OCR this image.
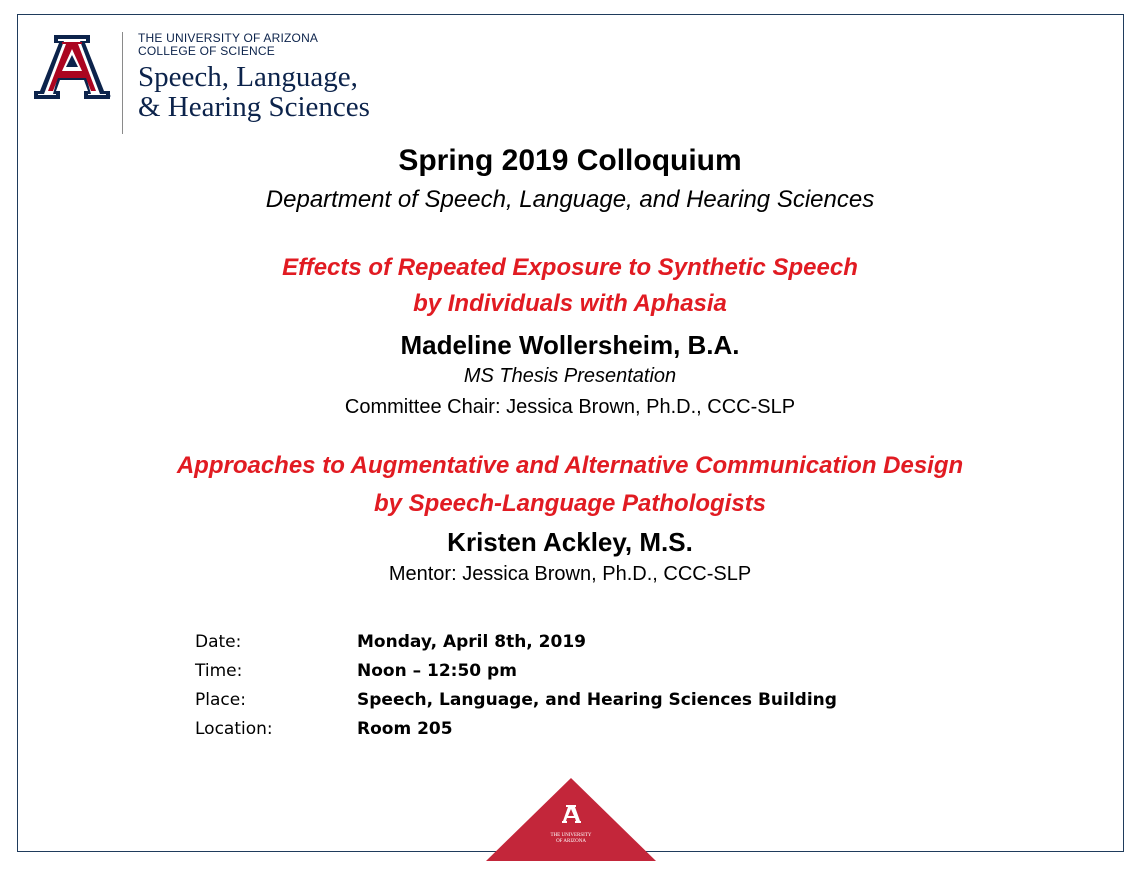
THE UNIVERSITY OF ARIZONA
COLLEGE OF SCIENCE
Speech, Language,
& Hearing Sciences
Spring 2019 Colloquium
Department of Speech, Language, and Hearing Sciences
Effects of Repeated Exposure to Synthetic Speech
by Individuals with Aphasia
Madeline Wollersheim, B.A.
MS Thesis Presentation
Committee Chair: Jessica Brown, Ph.D., CCC-SLP
Approaches to Augmentative and Alternative Communication Design
by Speech-Language Pathologists
Kristen Ackley, M.S.
Mentor: Jessica Brown, Ph.D., CCC-SLP
Date:	Monday, April 8th, 2019
Time:	Noon – 12:50 pm
Place:	Speech, Language, and Hearing Sciences Building
Location:	Room 205
THE UNIVERSITY
OF ARIZONA
